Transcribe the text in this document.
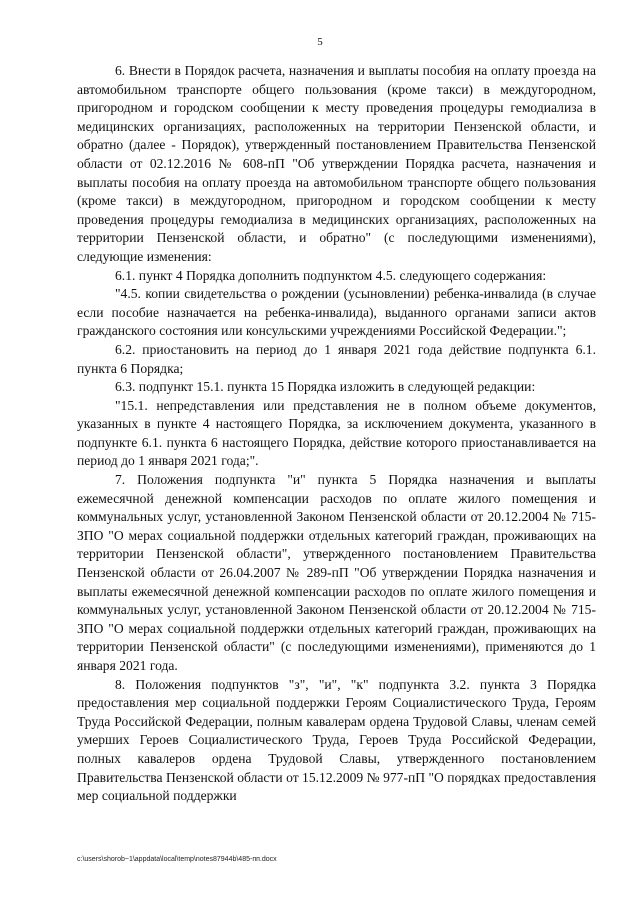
5

6. Внести в Порядок расчета, назначения и выплаты пособия на оплату проезда на автомобильном транспорте общего пользования (кроме такси) в междугородном, пригородном и городском сообщении к месту проведения процедуры гемодиализа в медицинских организациях, расположенных на территории Пензенской области, и обратно (далее - Порядок), утвержденный постановлением Правительства Пензенской области от 02.12.2016 № 608-пП "Об утверждении Порядка расчета, назначения и выплаты пособия на оплату проезда на автомобильном транспорте общего пользования (кроме такси) в междугородном, пригородном и городском сообщении к месту проведения процедуры гемодиализа в медицинских организациях, расположенных на территории Пензенской области, и обратно" (с последующими изменениями), следующие изменения:

6.1. пункт 4 Порядка дополнить подпунктом 4.5. следующего содержания:

"4.5. копии свидетельства о рождении (усыновлении) ребенка-инвалида (в случае если пособие назначается на ребенка-инвалида), выданного органами записи актов гражданского состояния или консульскими учреждениями Российской Федерации.";

6.2. приостановить на период до 1 января 2021 года действие подпункта 6.1. пункта 6 Порядка;

6.3. подпункт 15.1. пункта 15 Порядка изложить в следующей редакции:

"15.1. непредставления или представления не в полном объеме документов, указанных в пункте 4 настоящего Порядка, за исключением документа, указанного в подпункте 6.1. пункта 6 настоящего Порядка, действие которого приостанавливается на период до 1 января 2021 года;".

7. Положения подпункта "и" пункта 5 Порядка назначения и выплаты ежемесячной денежной компенсации расходов по оплате жилого помещения и коммунальных услуг, установленной Законом Пензенской области от 20.12.2004 № 715-ЗПО "О мерах социальной поддержки отдельных категорий граждан, проживающих на территории Пензенской области", утвержденного постановлением Правительства Пензенской области от 26.04.2007 № 289-пП "Об утверждении Порядка назначения и выплаты ежемесячной денежной компенсации расходов по оплате жилого помещения и коммунальных услуг, установленной Законом Пензенской области от 20.12.2004 № 715-ЗПО "О мерах социальной поддержки отдельных категорий граждан, проживающих на территории Пензенской области" (с последующими изменениями), применяются до 1 января 2021 года.

8. Положения подпунктов "з", "и", "к" подпункта 3.2. пункта 3 Порядка предоставления мер социальной поддержки Героям Социалистического Труда, Героям Труда Российской Федерации, полным кавалерам ордена Трудовой Славы, членам семей умерших Героев Социалистического Труда, Героев Труда Российской Федерации, полных кавалеров ордена Трудовой Славы, утвержденного постановлением Правительства Пензенской области от 15.12.2009 № 977-пП "О порядках предоставления мер социальной поддержки

c:\users\shorob~1\appdata\local\temp\notes87944b\485-пп.docx
